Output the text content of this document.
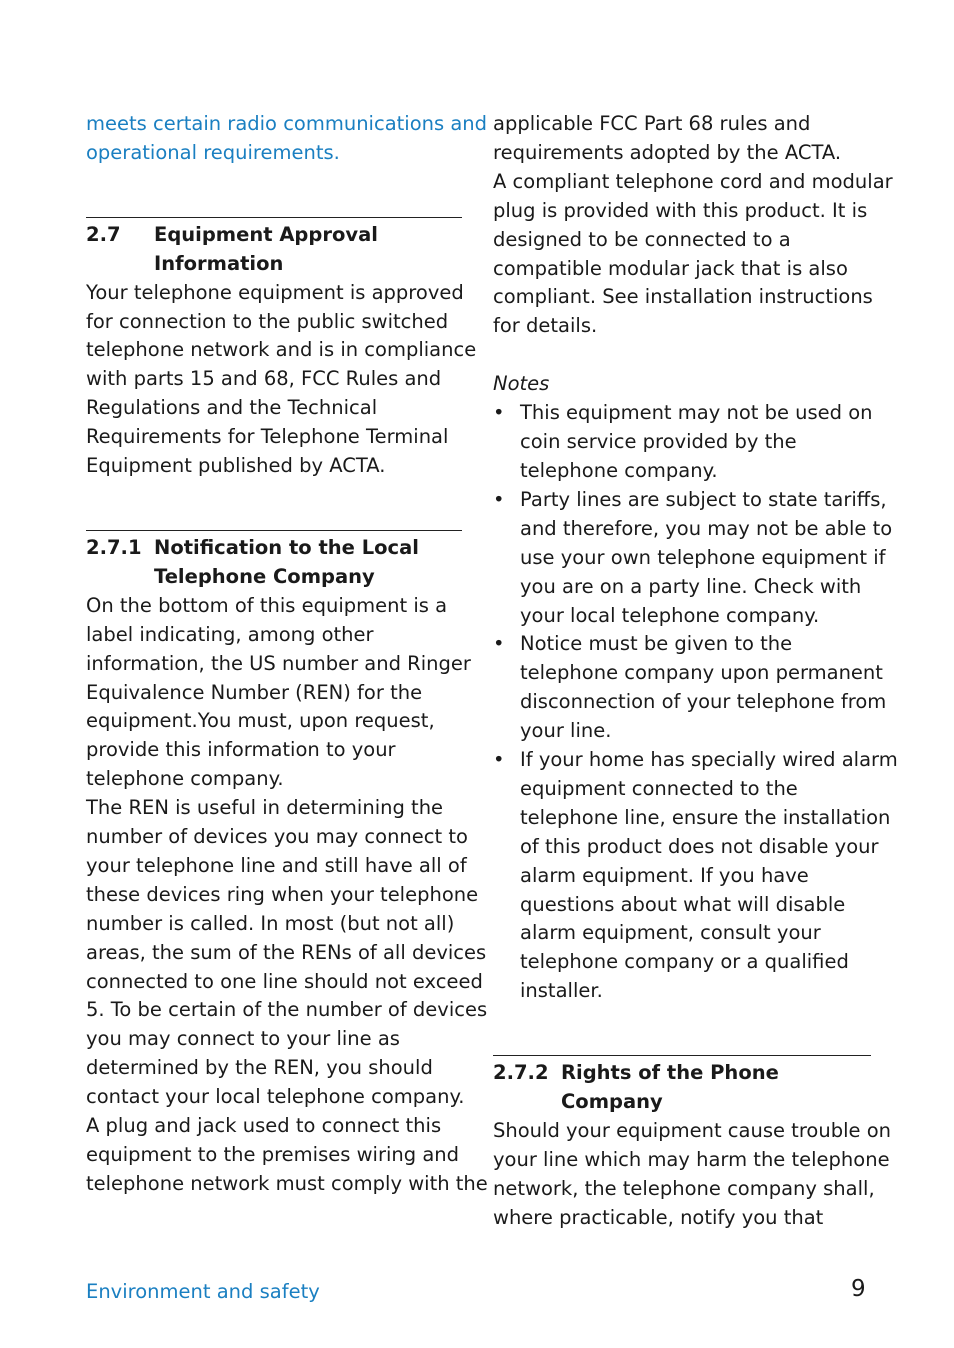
meets certain radio communications and
operational requirements.
2.7 Equipment Approval
Information
Your telephone equipment is approved
for connection to the public switched
telephone network and is in compliance
with parts 15 and 68, FCC Rules and
Regulations and the Technical
Requirements for Telephone Terminal
Equipment published by ACTA.
2.7.1 Notification to the Local
Telephone Company
On the bottom of this equipment is a
label indicating, among other
information, the US number and Ringer
Equivalence Number (REN) for the
equipment.You must, upon request,
provide this information to your
telephone company.
The REN is useful in determining the
number of devices you may connect to
your telephone line and still have all of
these devices ring when your telephone
number is called. In most (but not all)
areas, the sum of the RENs of all devices
connected to one line should not exceed
5. To be certain of the number of devices
you may connect to your line as
determined by the REN, you should
contact your local telephone company.
A plug and jack used to connect this
equipment to the premises wiring and
telephone network must comply with the
applicable FCC Part 68 rules and
requirements adopted by the ACTA.
A compliant telephone cord and modular
plug is provided with this product. It is
designed to be connected to a
compatible modular jack that is also
compliant. See installation instructions
for details.
Notes
• This equipment may not be used on
coin service provided by the
telephone company.
• Party lines are subject to state tariffs,
and therefore, you may not be able to
use your own telephone equipment if
you are on a party line. Check with
your local telephone company.
• Notice must be given to the
telephone company upon permanent
disconnection of your telephone from
your line.
• If your home has specially wired alarm
equipment connected to the
telephone line, ensure the installation
of this product does not disable your
alarm equipment. If you have
questions about what will disable
alarm equipment, consult your
telephone company or a qualified
installer.
2.7.2 Rights of the Phone
Company
Should your equipment cause trouble on
your line which may harm the telephone
network, the telephone company shall,
where practicable, notify you that
Environment and safety	9
